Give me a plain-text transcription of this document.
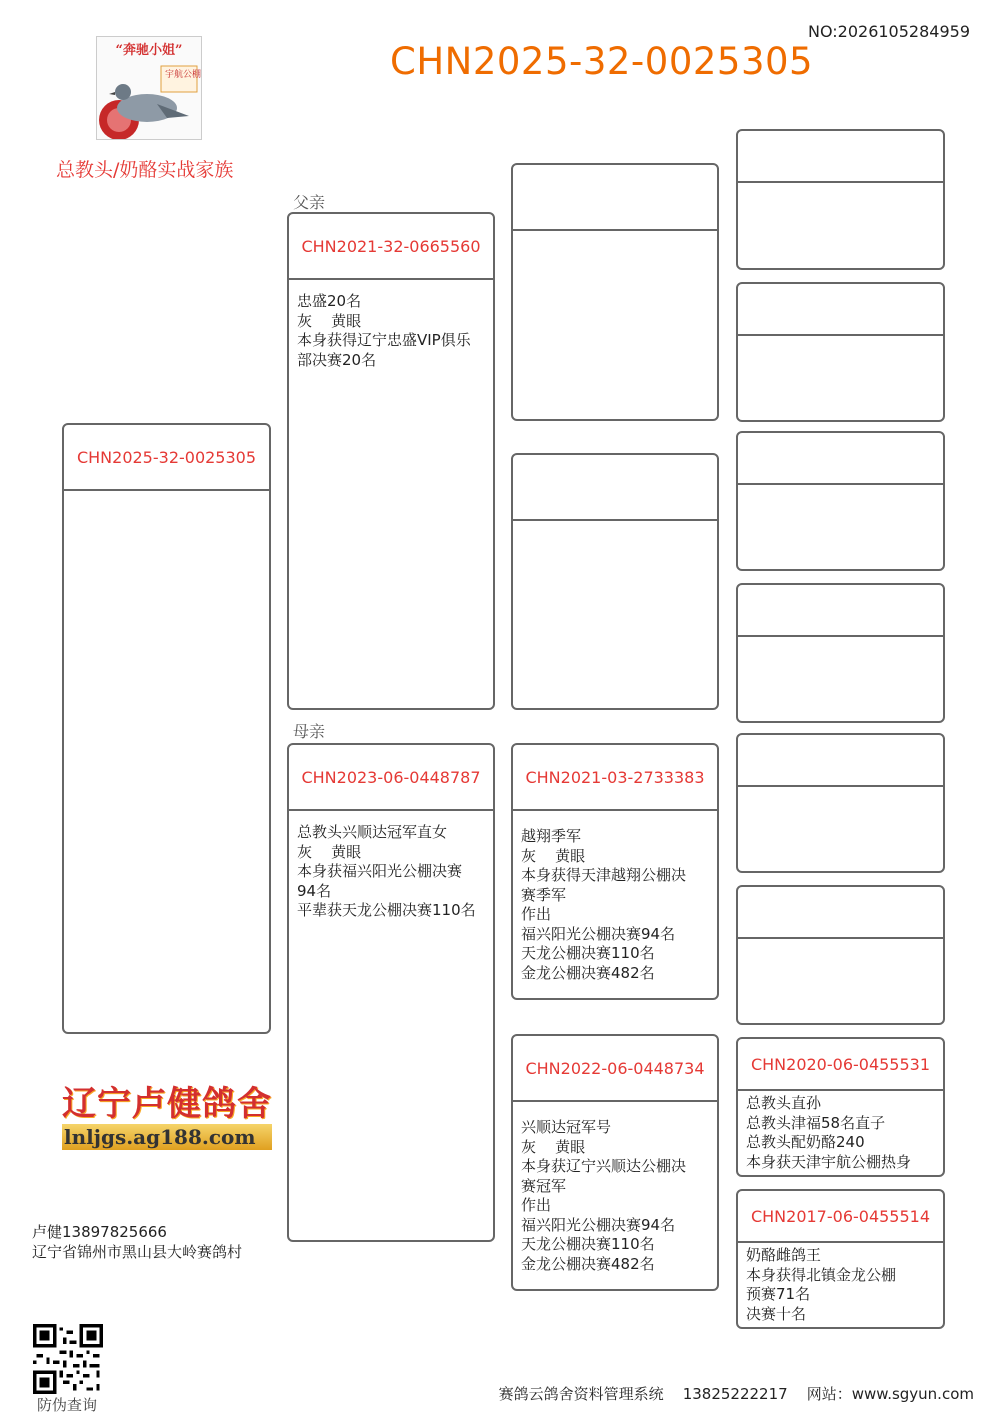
NO:2026105284959
CHN2025-32-0025305
“奔驰小姐”
宇航公棚
总教头/奶酪实战家族
CHN2025-32-0025305
父亲
CHN2021-32-0665560
忠盛20名
灰    黄眼
本身获得辽宁忠盛VIP俱乐
部决赛20名
母亲
CHN2023-06-0448787
总教头兴顺达冠军直女
灰    黄眼
本身获福兴阳光公棚决赛
94名
平辈获天龙公棚决赛110名
CHN2021-03-2733383
越翔季军
灰    黄眼
本身获得天津越翔公棚决
赛季军
作出
福兴阳光公棚决赛94名
天龙公棚决赛110名
金龙公棚决赛482名
CHN2022-06-0448734
兴顺达冠军号
灰    黄眼
本身获辽宁兴顺达公棚决
赛冠军
作出
福兴阳光公棚决赛94名
天龙公棚决赛110名
金龙公棚决赛482名
CHN2020-06-0455531
总教头直孙
总教头津福58名直子
总教头配奶酪240
本身获天津宇航公棚热身
CHN2017-06-0455514
奶酪雌鸽王
本身获得北镇金龙公棚
预赛71名
决赛十名
辽宁卢健鸽舍
lnljgs.ag188.com
卢健13897825666
辽宁省锦州市黑山县大岭赛鸽村
防伪查询
赛鸽云鸽舍资料管理系统    13825222217    网站：www.sgyun.com
